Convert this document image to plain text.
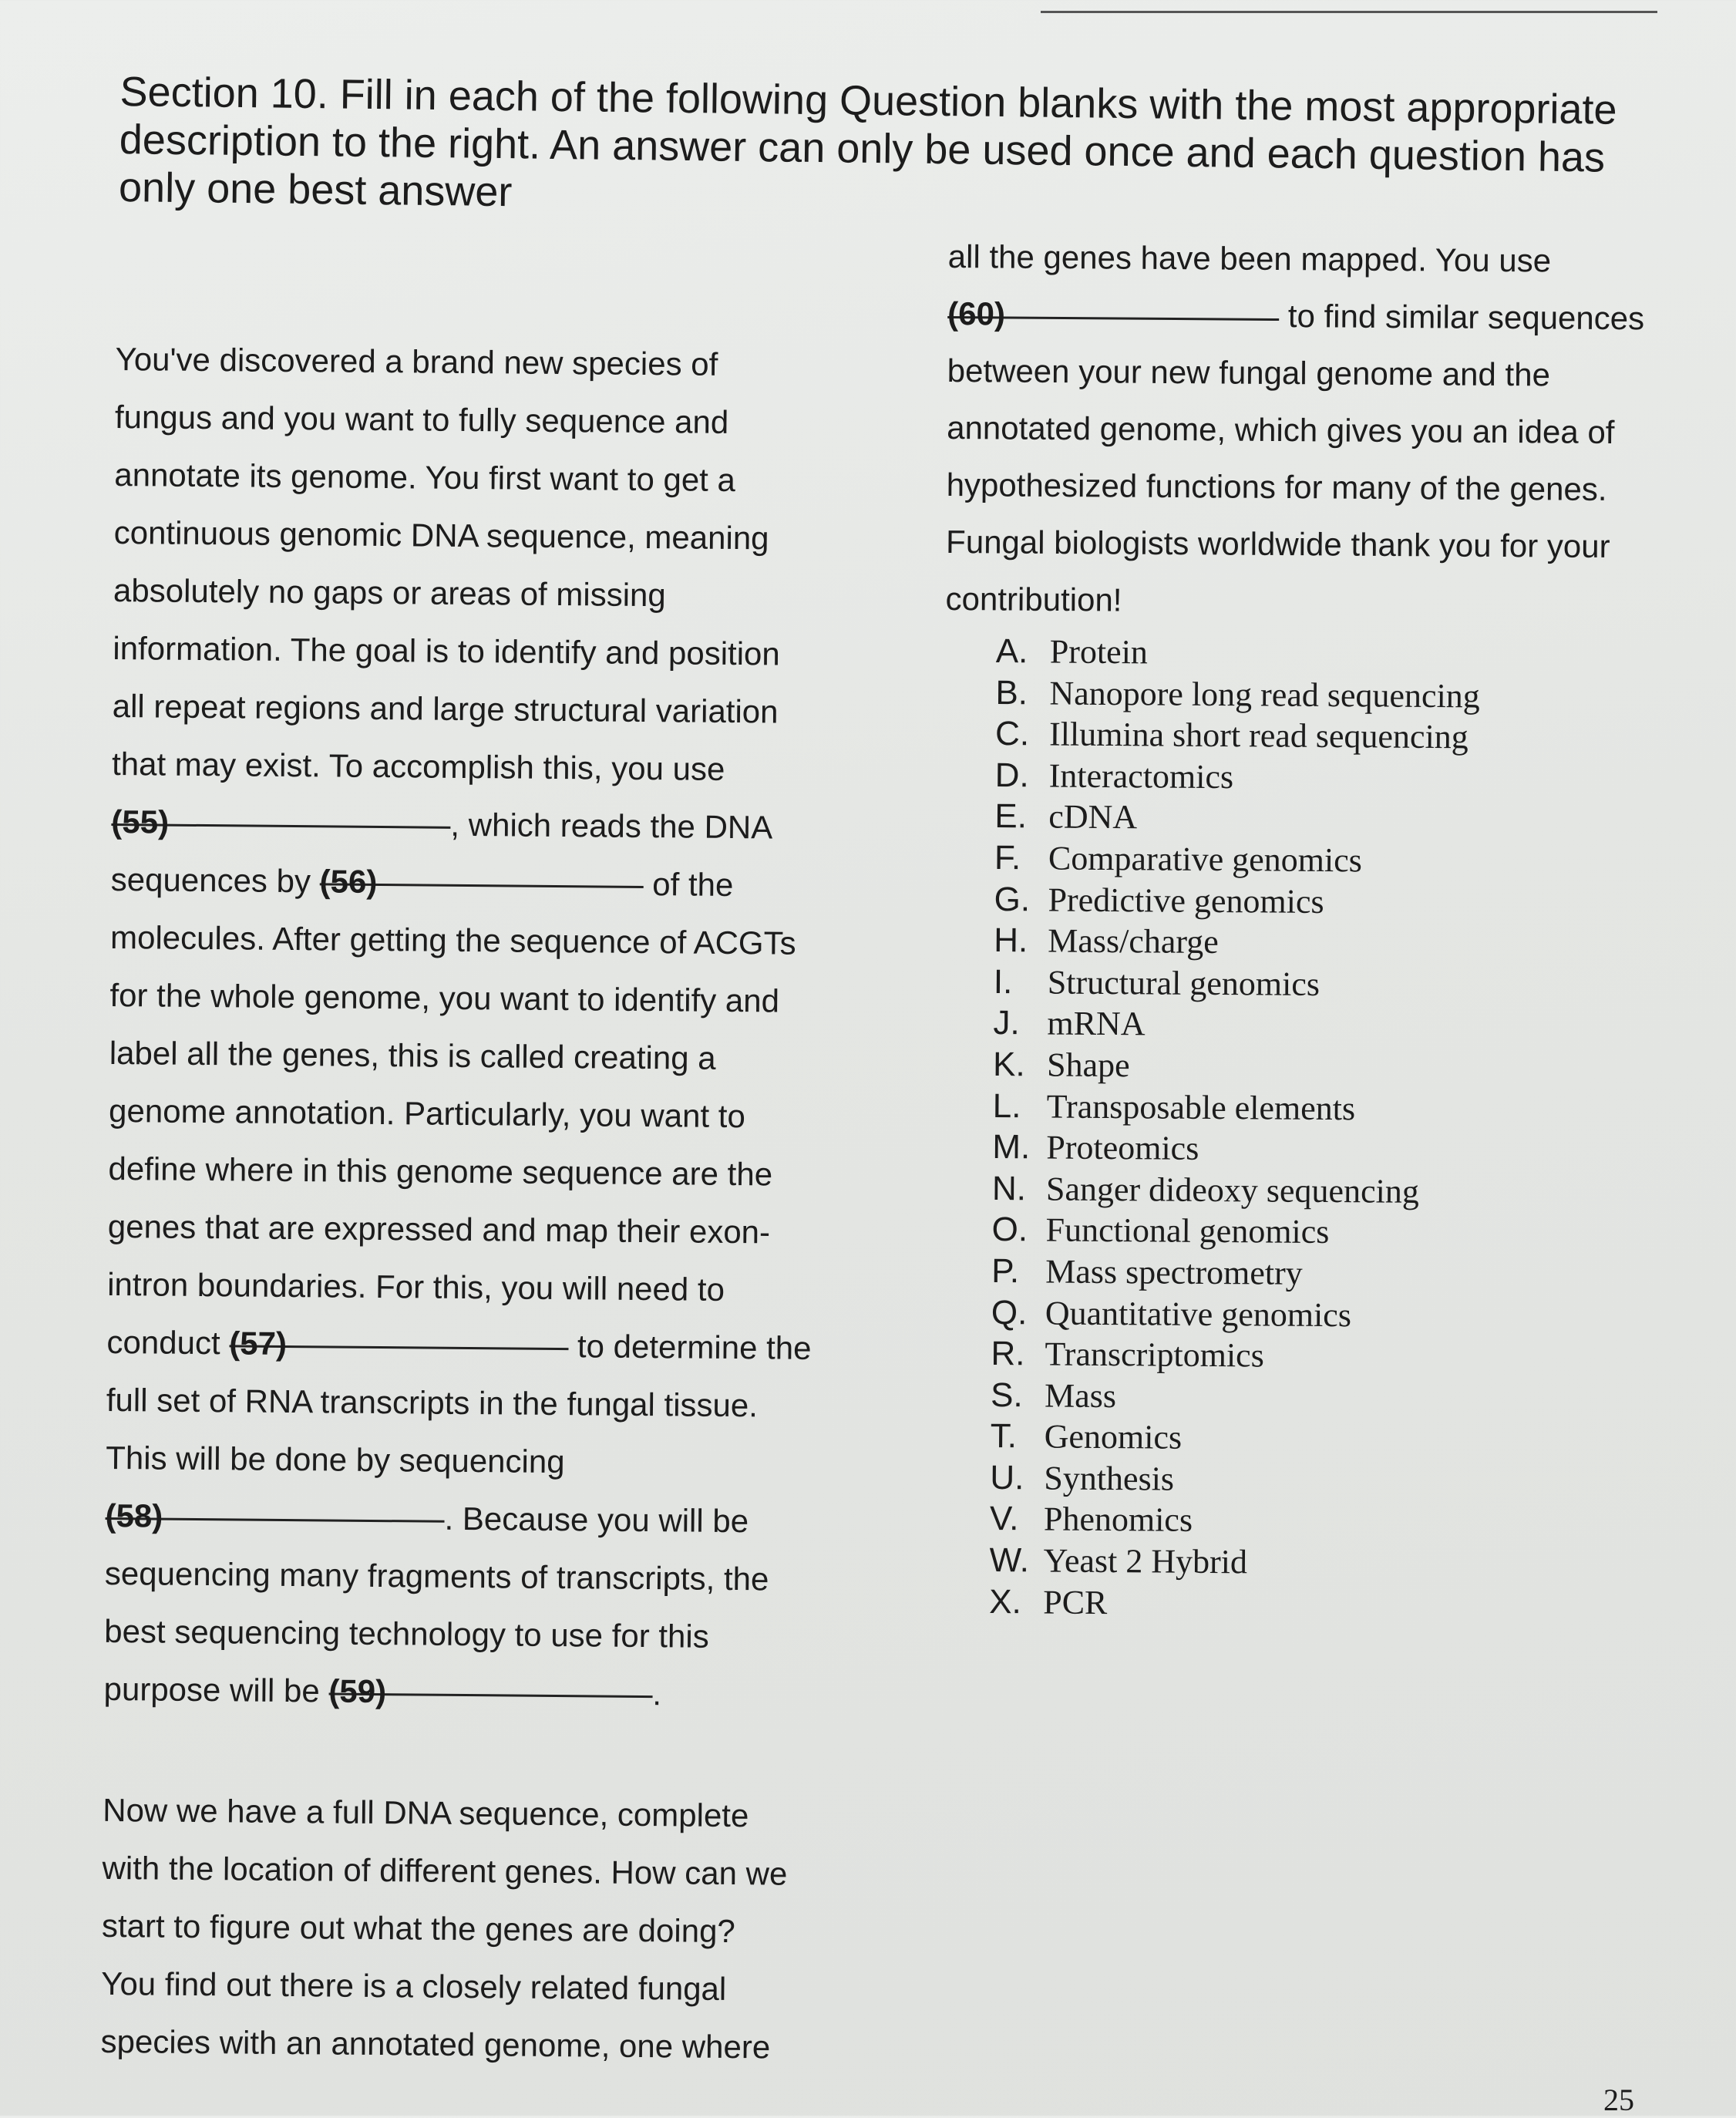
Section 10. Fill in each of the following Question blanks with the most appropriate description to the right. An answer can only be used once and each question has only one best answer
You've discovered a brand new species of
fungus and you want to fully sequence and
annotate its genome. You first want to get a
continuous genomic DNA sequence, meaning
absolutely no gaps or areas of missing
information. The goal is to identify and position
all repeat regions and large structural variation
that may exist. To accomplish this, you use
(55)	, which reads the DNA
sequences by (56)	of the
molecules. After getting the sequence of ACGTs
for the whole genome, you want to identify and
label all the genes, this is called creating a
genome annotation. Particularly, you want to
define where in this genome sequence are the
genes that are expressed and map their exon-
intron boundaries. For this, you will need to
conduct (57)	to determine the
full set of RNA transcripts in the fungal tissue.
This will be done by sequencing
(58)	. Because you will be
sequencing many fragments of transcripts, the
best sequencing technology to use for this
purpose will be (59)	.
Now we have a full DNA sequence, complete
with the location of different genes. How can we
start to figure out what the genes are doing?
You find out there is a closely related fungal
species with an annotated genome, one where
all the genes have been mapped. You use
(60)	to find similar sequences
between your new fungal genome and the
annotated genome, which gives you an idea of
hypothesized functions for many of the genes.
Fungal biologists worldwide thank you for your
contribution!
A. Protein
B. Nanopore long read sequencing
C. Illumina short read sequencing
D. Interactomics
E. cDNA
F. Comparative genomics
G. Predictive genomics
H. Mass/charge
I. Structural genomics
J. mRNA
K. Shape
L. Transposable elements
M. Proteomics
N. Sanger dideoxy sequencing
O. Functional genomics
P. Mass spectrometry
Q. Quantitative genomics
R. Transcriptomics
S. Mass
T. Genomics
U. Synthesis
V. Phenomics
W. Yeast 2 Hybrid
X. PCR
25
